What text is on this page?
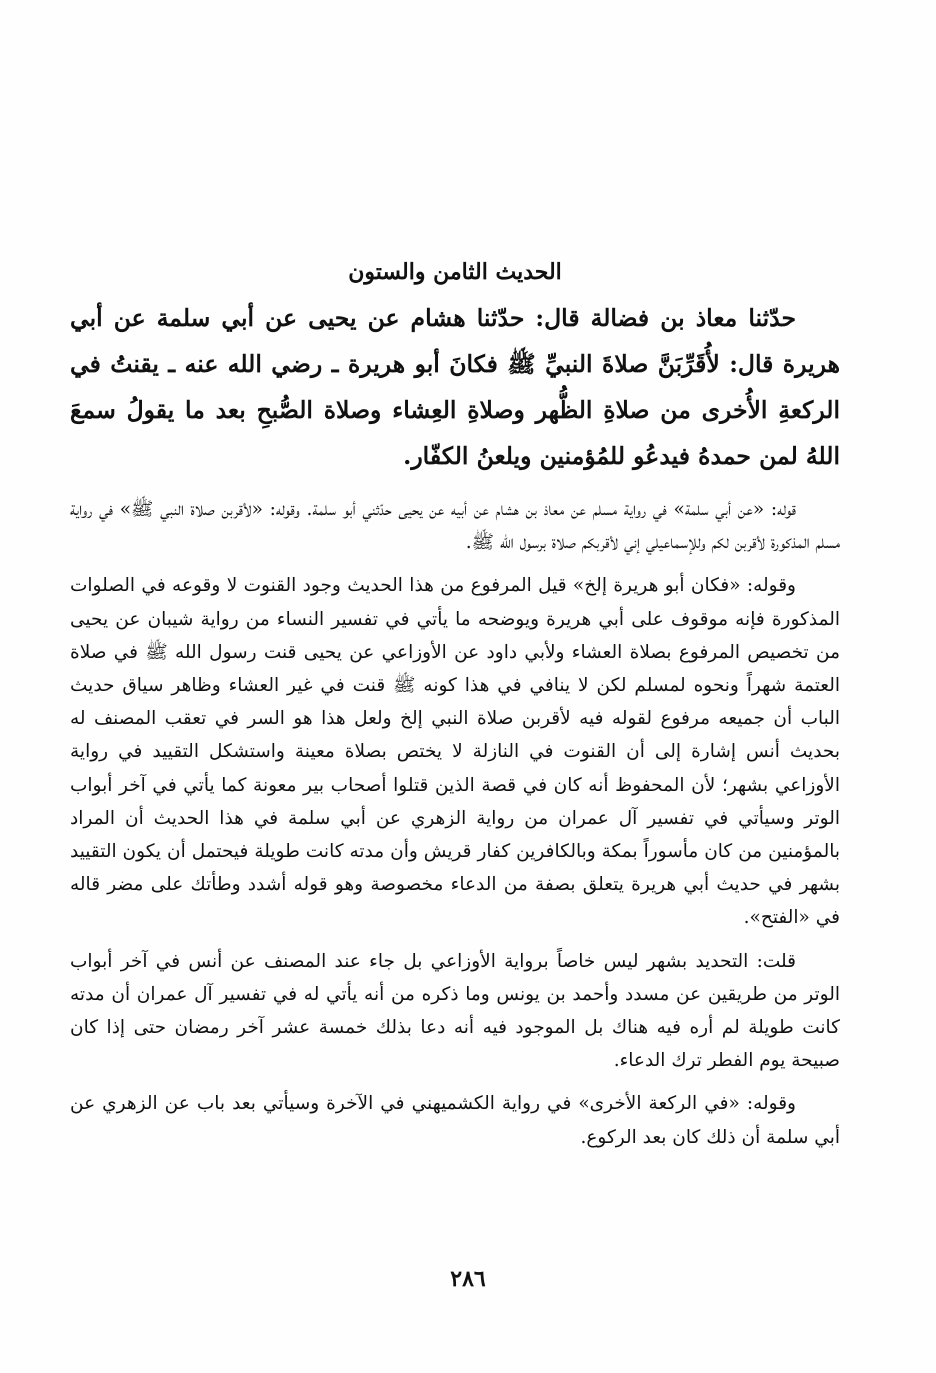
الحديث الثامن والستون

حدّثنا معاذ بن فضالة قال: حدّثنا هشام عن يحيى عن أبي سلمة عن أبي هريرة قال: لأُقَرِّبَنَّ صلاةَ النبيِّ ﷺ فكانَ أبو هريرة ـ رضي الله عنه ـ يقنتُ في الركعةِ الأُخرى من صلاةِ الظُّهر وصلاةِ العِشاء وصلاة الصُّبحِ بعد ما يقولُ سمعَ اللهُ لمن حمدهُ فيدعُو للمُؤمنين ويلعنُ الكفّار.

قوله: «عن أبي سلمة» في رواية مسلم عن معاذ بن هشام عن أبيه عن يحيى حدّثني أبو سلمة. وقوله: «لأقربن صلاة النبي ﷺ» في رواية مسلم المذكورة لأقربن لكم وللإسماعيلي إني لأقربكم صلاة برسول الله ﷺ.

وقوله: «فكان أبو هريرة إلخ» قيل المرفوع من هذا الحديث وجود القنوت لا وقوعه في الصلوات المذكورة فإنه موقوف على أبي هريرة ويوضحه ما يأتي في تفسير النساء من رواية شيبان عن يحيى من تخصيص المرفوع بصلاة العشاء ولأبي داود عن الأوزاعي عن يحيى قنت رسول الله ﷺ في صلاة العتمة شهراً ونحوه لمسلم لكن لا ينافي في هذا كونه ﷺ قنت في غير العشاء وظاهر سياق حديث الباب أن جميعه مرفوع لقوله فيه لأقربن صلاة النبي إلخ ولعل هذا هو السر في تعقب المصنف له بحديث أنس إشارة إلى أن القنوت في النازلة لا يختص بصلاة معينة واستشكل التقييد في رواية الأوزاعي بشهر؛ لأن المحفوظ أنه كان في قصة الذين قتلوا أصحاب بير معونة كما يأتي في آخر أبواب الوتر وسيأتي في تفسير آل عمران من رواية الزهري عن أبي سلمة في هذا الحديث أن المراد بالمؤمنين من كان مأسوراً بمكة وبالكافرين كفار قريش وأن مدته كانت طويلة فيحتمل أن يكون التقييد بشهر في حديث أبي هريرة يتعلق بصفة من الدعاء مخصوصة وهو قوله أشدد وطأتك على مضر قاله في «الفتح».

قلت: التحديد بشهر ليس خاصاً برواية الأوزاعي بل جاء عند المصنف عن أنس في آخر أبواب الوتر من طريقين عن مسدد وأحمد بن يونس وما ذكره من أنه يأتي له في تفسير آل عمران أن مدته كانت طويلة لم أره فيه هناك بل الموجود فيه أنه دعا بذلك خمسة عشر آخر رمضان حتى إذا كان صبيحة يوم الفطر ترك الدعاء.

وقوله: «في الركعة الأخرى» في رواية الكشميهني في الآخرة وسيأتي بعد باب عن الزهري عن أبي سلمة أن ذلك كان بعد الركوع.

٢٨٦
